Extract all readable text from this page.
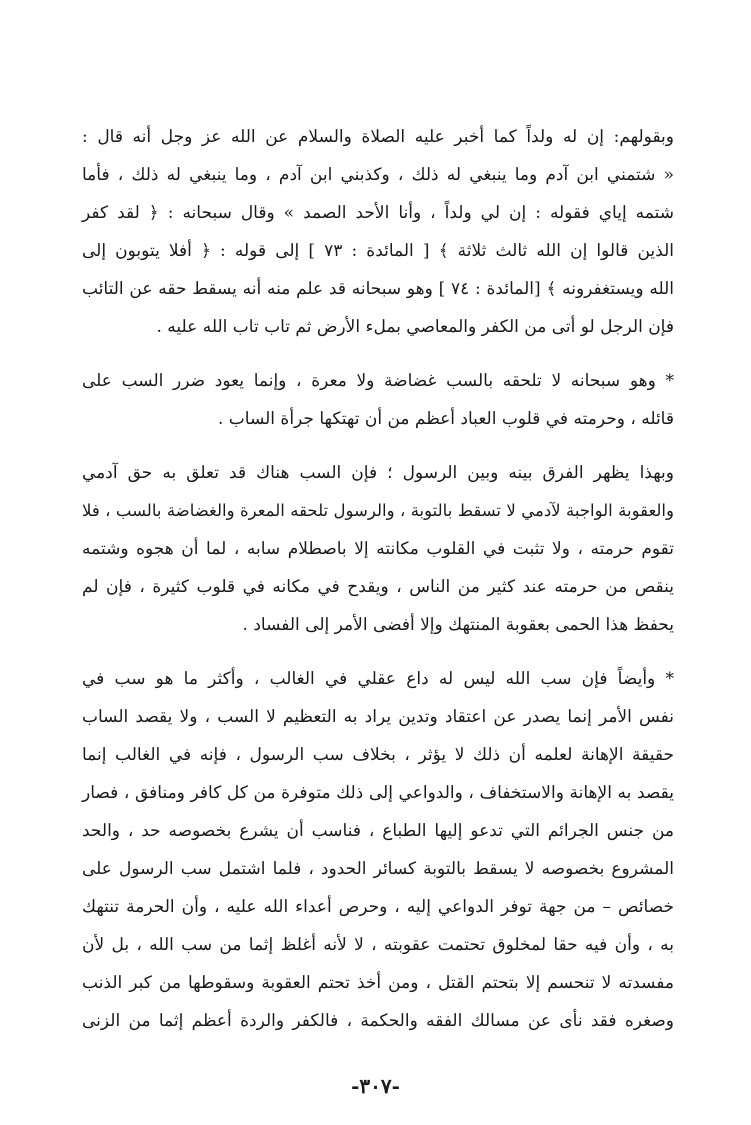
وبقولهم: إن له ولداً كما أخبر عليه الصلاة والسلام عن الله عز وجل أنه قال :
« شتمني ابن آدم وما ينبغي له ذلك ، وكذبني ابن آدم ، وما ينبغي له ذلك ، فأما
شتمه إياي فقوله : إن لي ولداً ، وأنا الأحد الصمد » وقال سبحانه : ﴿ لقد كفر
الذين قالوا إن الله ثالث ثلاثة ﴾ [ المائدة : ٧٣ ] إلى قوله : ﴿ أفلا يتوبون إلى
الله ويستغفرونه ﴾ [المائدة : ٧٤ ] وهو سبحانه قد علم منه أنه يسقط حقه عن التائب
فإن الرجل لو أتى من الكفر والمعاصي بملء الأرض ثم تاب تاب الله عليه .

* وهو سبحانه لا تلحقه بالسب غضاضة ولا معرة ، وإنما يعود ضرر السب على
قائله ، وحرمته في قلوب العباد أعظم من أن تهتكها جرأة الساب .

وبهذا يظهر الفرق بينه وبين الرسول ؛ فإن السب هناك قد تعلق به حق آدمي
والعقوبة الواجبة لآدمي لا تسقط بالتوبة ، والرسول تلحقه المعرة والغضاضة بالسب ، فلا
تقوم حرمته ، ولا تثبت في القلوب مكانته إلا باصطلام سابه ، لما أن هجوه وشتمه
ينقص من حرمته عند كثير من الناس ، ويقدح في مكانه في قلوب كثيرة ، فإن لم
يحفظ هذا الحمى بعقوبة المنتهك وإلا أفضى الأمر إلى الفساد .

* وأيضاً فإن سب الله ليس له داع عقلي في الغالب ، وأكثر ما هو سب في
نفس الأمر إنما يصدر عن اعتقاد وتدين يراد به التعظيم لا السب ، ولا يقصد الساب
حقيقة الإهانة لعلمه أن ذلك لا يؤثر ، بخلاف سب الرسول ، فإنه في الغالب إنما
يقصد به الإهانة والاستخفاف ، والدواعي إلى ذلك متوفرة من كل كافر ومنافق ، فصار
من جنس الجرائم التي تدعو إليها الطباع ، فناسب أن يشرع بخصوصه حد ، والحد
المشروع بخصوصه لا يسقط بالتوبة كسائر الحدود ، فلما اشتمل سب الرسول على
خصائص – من جهة توفر الدواعي إليه ، وحرص أعداء الله عليه ، وأن الحرمة تنتهك
به ، وأن فيه حقا لمخلوق تحتمت عقوبته ، لا لأنه أغلظ إثما من سب الله ، بل لأن
مفسدته لا تنحسم إلا بتحتم القتل ، ومن أخذ تحتم العقوبة وسقوطها من كبر الذنب
وصغره فقد نأى عن مسالك الفقه والحكمة ، فالكفر والردة أعظم إثما من الزنى

-٣٠٧-
